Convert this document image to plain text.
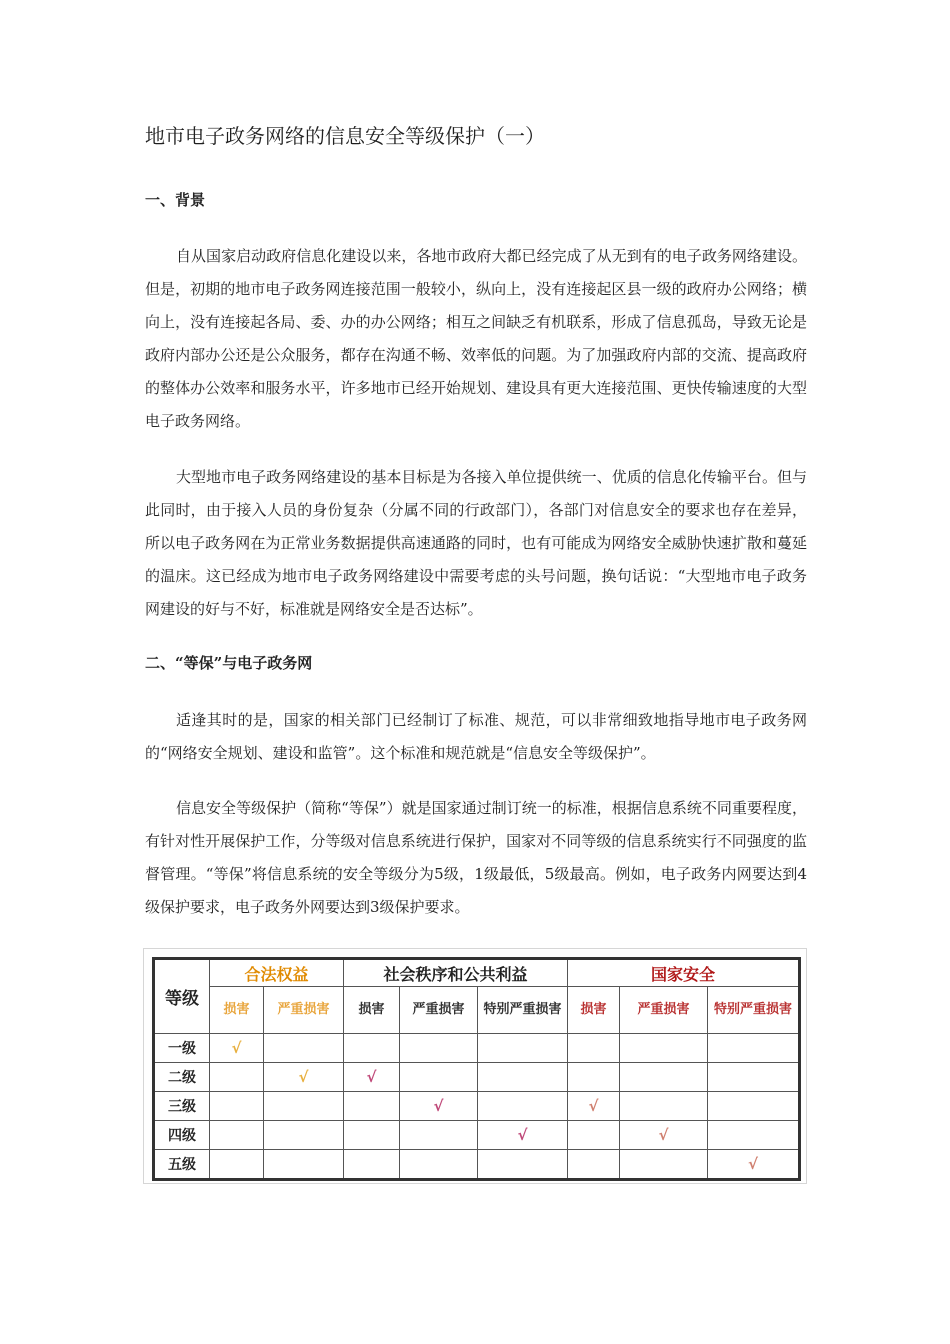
地市电子政务网络的信息安全等级保护（一）
一、背景

自从国家启动政府信息化建设以来，各地市政府大都已经完成了从无到有的电子政务网络建设。但是，初期的地市电子政务网连接范围一般较小，纵向上，没有连接起区县一级的政府办公网络；横向上，没有连接起各局、委、办的办公网络；相互之间缺乏有机联系，形成了信息孤岛，导致无论是政府内部办公还是公众服务，都存在沟通不畅、效率低的问题。为了加强政府内部的交流、提高政府的整体办公效率和服务水平，许多地市已经开始规划、建设具有更大连接范围、更快传输速度的大型电子政务网络。

大型地市电子政务网络建设的基本目标是为各接入单位提供统一、优质的信息化传输平台。但与此同时，由于接入人员的身份复杂（分属不同的行政部门），各部门对信息安全的要求也存在差异，所以电子政务网在为正常业务数据提供高速通路的同时，也有可能成为网络安全威胁快速扩散和蔓延的温床。这已经成为地市电子政务网络建设中需要考虑的头号问题，换句话说：“大型地市电子政务网建设的好与不好，标准就是网络安全是否达标”。

二、“等保”与电子政务网

适逢其时的是，国家的相关部门已经制订了标准、规范，可以非常细致地指导地市电子政务网的“网络安全规划、建设和监管”。这个标准和规范就是“信息安全等级保护”。

信息安全等级保护（简称“等保”）就是国家通过制订统一的标准，根据信息系统不同重要程度，有针对性开展保护工作，分等级对信息系统进行保护，国家对不同等级的信息系统实行不同强度的监督管理。“等保”将信息系统的安全等级分为5级，1级最低，5级最高。例如，电子政务内网要达到4级保护要求，电子政务外网要达到3级保护要求。

等级	合法权益		社会秩序和公共利益			国家安全		
	损害	严重损害	损害	严重损害	特别严重损害	损害	严重损害	特别严重损害
一级	√							
二级		√	√					
三级				√		√		
四级					√		√	
五级								√
